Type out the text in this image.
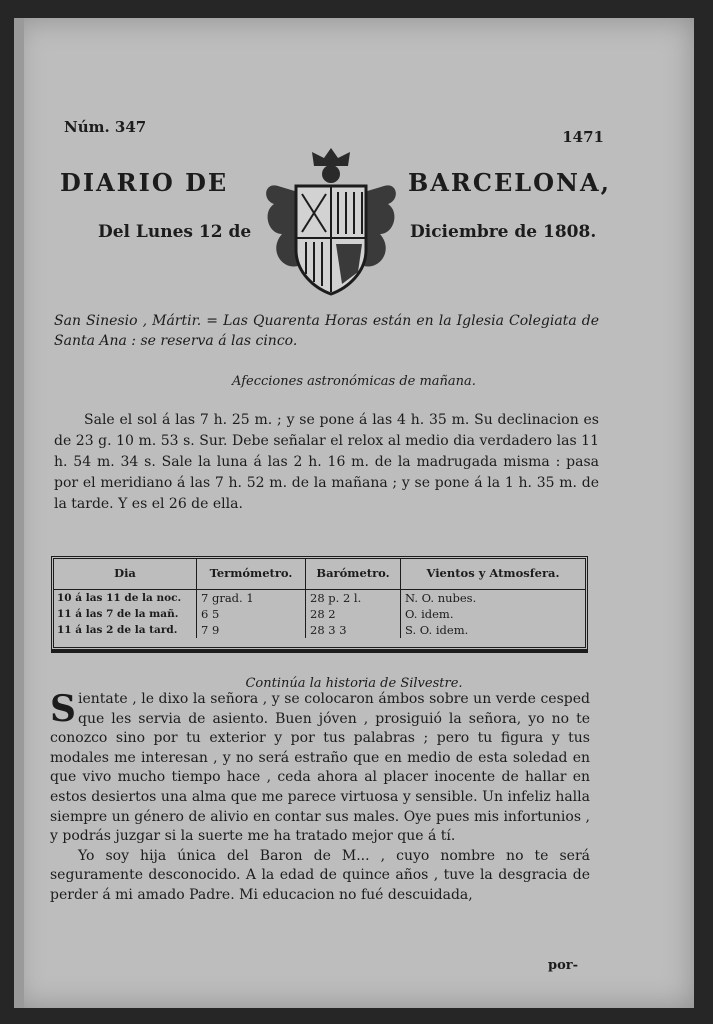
Núm. 347
1471
DIARIO DE	BARCELONA,
Del Lunes 12 de	Diciembre de 1808.
San Sinesio , Mártir. = Las Quarenta Horas están en la Iglesia Colegiata de Santa Ana : se reserva á las cinco.
Afecciones astronómicas de mañana.
Sale el sol á las 7 h. 25 m. ; y se pone á las 4 h. 35 m. Su declinacion es de 23 g. 10 m. 53 s. Sur. Debe señalar el relox al medio dia verdadero las 11 h. 54 m. 34 s. Sale la luna á las 2 h. 16 m. de la madrugada misma : pasa por el meridiano á las 7 h. 52 m. de la mañana ; y se pone á la 1 h. 35 m. de la tarde. Y es el 26 de ella.
Dia	Termómetro.	Barómetro.	Vientos y Atmosfera.
10 á las 11 de la noc.	7 grad. 1	28 p. 2 l.	N. O. nubes.
11 á las 7 de la mañ.	6 5	28 2	O. idem.
11 á las 2 de la tard.	7 9	28 3 3	S. O. idem.
Continúa la historia de Silvestre.

Sientate , le dixo la señora , y se colocaron ámbos sobre un verde cesped que les servia de asiento. Buen jóven , prosiguió la señora, yo no te conozco sino por tu exterior y por tus palabras ; pero tu figura y tus modales me interesan , y no será estraño que en medio de esta soledad en que vivo mucho tiempo hace , ceda ahora al placer inocente de hallar en estos desiertos una alma que me parece virtuosa y sensible. Un infeliz halla siempre un género de alivio en contar sus males. Oye pues mis infortunios , y podrás juzgar si la suerte me ha tratado mejor que á tí.

Yo soy hija única del Baron de M... , cuyo nombre no te será seguramente desconocido. A la edad de quince años , tuve la desgracia de perder á mi amado Padre. Mi educacion no fué descuidada,

por-
